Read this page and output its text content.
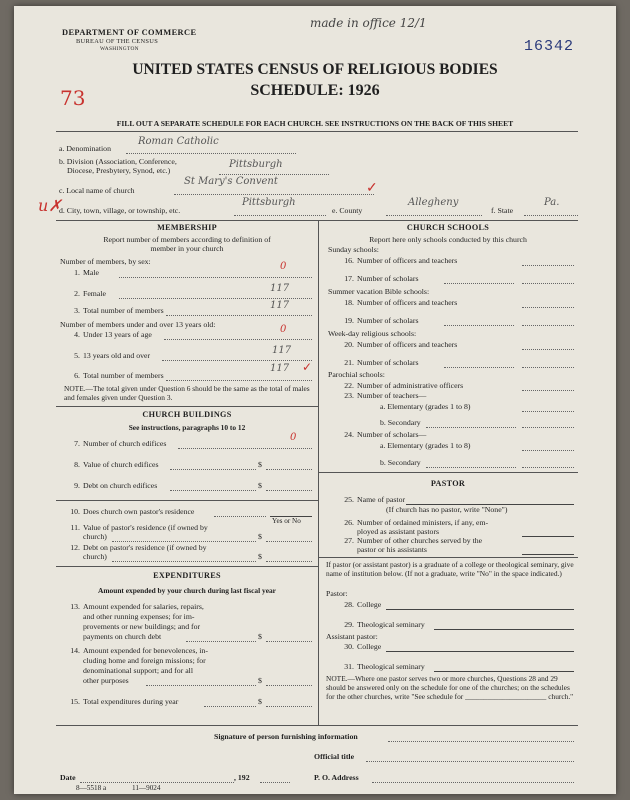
DEPARTMENT OF COMMERCE
BUREAU OF THE CENSUS
WASHINGTON
made in office 12/1
16342
UNITED STATES CENSUS OF RELIGIOUS BODIES
SCHEDULE: 1926
73
FILL OUT A SEPARATE SCHEDULE FOR EACH CHURCH. SEE INSTRUCTIONS ON THE BACK OF THIS SHEET
a. Denomination
Roman Catholic
b. Division (Association, Conference,
Diocese, Presbytery, Synod, etc.)
Pittsburgh
c. Local name of church
St Mary's Convent	✓
u✗
d. City, town, village, or township, etc.
Pittsburgh
e. County
Allegheny
f. State
Pa.
MEMBERSHIP
Report number of members according to definition of
member in your church
Number of members, by sex:
1. Male
0
2. Female	117
3. Total number of members	117
Number of members under and over 13 years old:
4. Under 13 years of age	0
5. 13 years old and over	117
6. Total number of members
117 ✓
NOTE.—The total given under Question 6 should be the same as the total of males and females given under Question 3.
CHURCH BUILDINGS
See instructions, paragraphs 10 to 12
7. Number of church edifices
0
8. Value of church edifices	$
9. Debt on church edifices	$
10. Does church own pastor's residence
Yes or No
11. Value of pastor's residence (if owned by
church)	$
12. Debt on pastor's residence (if owned by
church)	$
EXPENDITURES
Amount expended by your church during last fiscal year
13. Amount expended for salaries, repairs,
and other running expenses; for im-
provements or new buildings; and for
payments on church debt	$
14. Amount expended for benevolences, in-
cluding home and foreign missions; for
denominational support; and for all
other purposes	$
15. Total expenditures during year	$
CHURCH SCHOOLS
Report here only schools conducted by this church
Sunday schools:
16. Number of officers and teachers
17. Number of scholars
Summer vacation Bible schools:
18. Number of officers and teachers
19. Number of scholars
Week-day religious schools:
20. Number of officers and teachers
21. Number of scholars
Parochial schools:
22. Number of administrative officers
23. Number of teachers—
a. Elementary (grades 1 to 8)
b. Secondary
24. Number of scholars—
a. Elementary (grades 1 to 8)
b. Secondary
PASTOR
25. Name of pastor
(If church has no pastor, write "None")
26. Number of ordained ministers, if any, em-
ployed as assistant pastors
27. Number of other churches served by the
pastor or his assistants
If pastor (or assistant pastor) is a graduate of a college or theological seminary, give name of institution below. (If not a graduate, write "No" in the space indicated.)
Pastor:
28. College
29. Theological seminary
Assistant pastor:
30. College
31. Theological seminary
NOTE.—Where one pastor serves two or more churches, Questions 28 and 29 should be answered only on the schedule for one of the churches; on the schedules for the other churches, write "See schedule for ______________________ church."
Signature of person furnishing information
Official title
Date	, 192	P. O. Address
8—5518 a	11—9024
